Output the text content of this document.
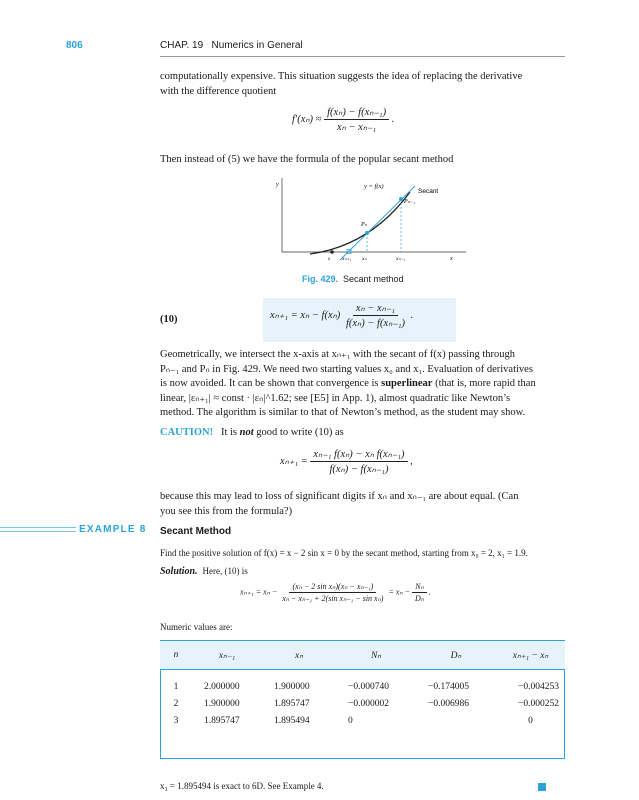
806	CHAP. 19 Numerics in General
computationally expensive. This situation suggests the idea of replacing the derivative
with the difference quotient
$f'(x_n) \approx \frac{\text{f(xₙ) − f(xₙ₋₁)}}{\text{xₙ − xₙ₋₁}}$ .
Then instead of (5) we have the formula of the popular secant method
y
x
y = f(x)
Secant
Pₙ₋₁
Pₙ
s xₙ₊₁ xₙ	xₙ₋₁
Fig. 429. Secant method
(10)	$x_{n+1} = x_n - f(x_n) \frac{\text{xₙ − xₙ₋₁}}{\text{f(xₙ) − f(xₙ₋₁)}}$ .
Geometrically, we intersect the x-axis at xₙ₊₁ with the secant of f(x) passing through
Pₙ₋₁ and Pₙ in Fig. 429. We need two starting values x₀ and x₁. Evaluation of derivatives
is now avoided. It can be shown that convergence is superlinear (that is, more rapid than
linear, |εₙ₊₁| ≈ const · |εₙ|^1.62; see [E5] in App. 1), almost quadratic like Newton’s
method. The algorithm is similar to that of Newton’s method, as the student may show.
CAUTION! It is not good to write (10) as
$x_{n+1} = \frac{\text{xₙ₋₁ f(xₙ) − xₙ f(xₙ₋₁)}}{\text{f(xₙ) − f(xₙ₋₁)}}$ ,
because this may lead to loss of significant digits if xₙ and xₙ₋₁ are about equal. (Can
you see this from the formula?)
EXAMPLE 8	Secant Method
Find the positive solution of f(x) = x − 2 sin x = 0 by the secant method, starting from x₀ = 2, x₁ = 1.9.
Solution. Here, (10) is
$x_{n+1} = x_n - \frac{\text{(xₙ − 2 sin xₙ)(xₙ − xₙ₋₁)}}{\text{xₙ − xₙ₋₁ + 2(sin xₙ₋₁ − sin xₙ)}} = x_n - \frac{\text{Nₙ}}{\text{Dₙ}}$ .
Numeric values are:
n	xₙ₋₁	xₙ	Nₙ	Dₙ	xₙ₊₁ − xₙ

1	2.000000	1.900000	−0.000740	−0.174005	−0.004253
2	1.900000	1.895747	−0.000002	−0.006986	−0.000252
3	1.895747	1.895494	0		0
x₃ = 1.895494 is exact to 6D. See Example 4.
